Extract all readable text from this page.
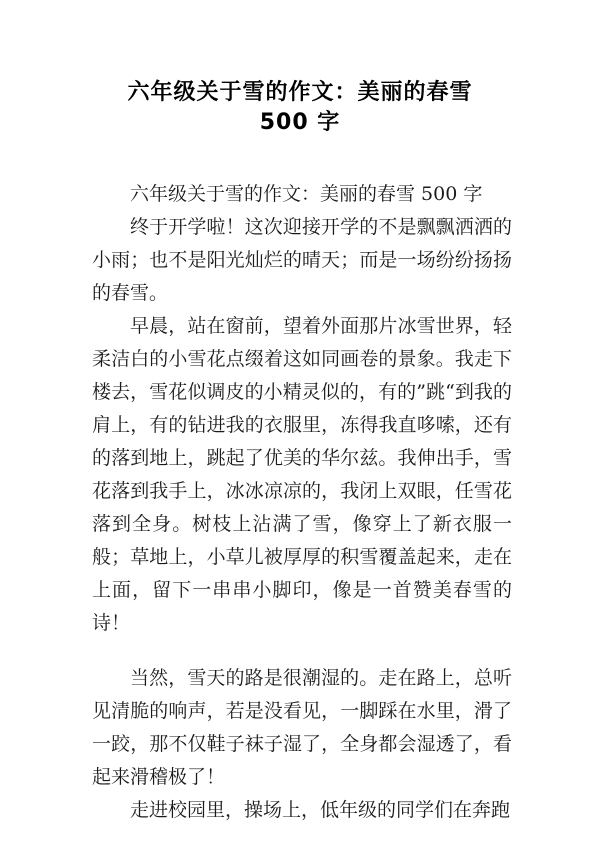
六年级关于雪的作文：美丽的春雪
500 字

六年级关于雪的作文：美丽的春雪 500 字

终于开学啦！这次迎接开学的不是飘飘洒洒的小雨；也不是阳光灿烂的晴天；而是一场纷纷扬扬的春雪。

早晨，站在窗前，望着外面那片冰雪世界，轻柔洁白的小雪花点缀着这如同画卷的景象。我走下楼去，雪花似调皮的小精灵似的，有的”跳“到我的肩上，有的钻进我的衣服里，冻得我直哆嗦，还有的落到地上，跳起了优美的华尔兹。我伸出手，雪花落到我手上，冰冰凉凉的，我闭上双眼，任雪花落到全身。树枝上沾满了雪，像穿上了新衣服一般；草地上，小草儿被厚厚的积雪覆盖起来，走在上面，留下一串串小脚印，像是一首赞美春雪的诗！

当然，雪天的路是很潮湿的。走在路上，总听见清脆的响声，若是没看见，一脚踩在水里，滑了一跤，那不仅鞋子袜子湿了，全身都会湿透了，看起来滑稽极了！

走进校园里，操场上，低年级的同学们在奔跑
